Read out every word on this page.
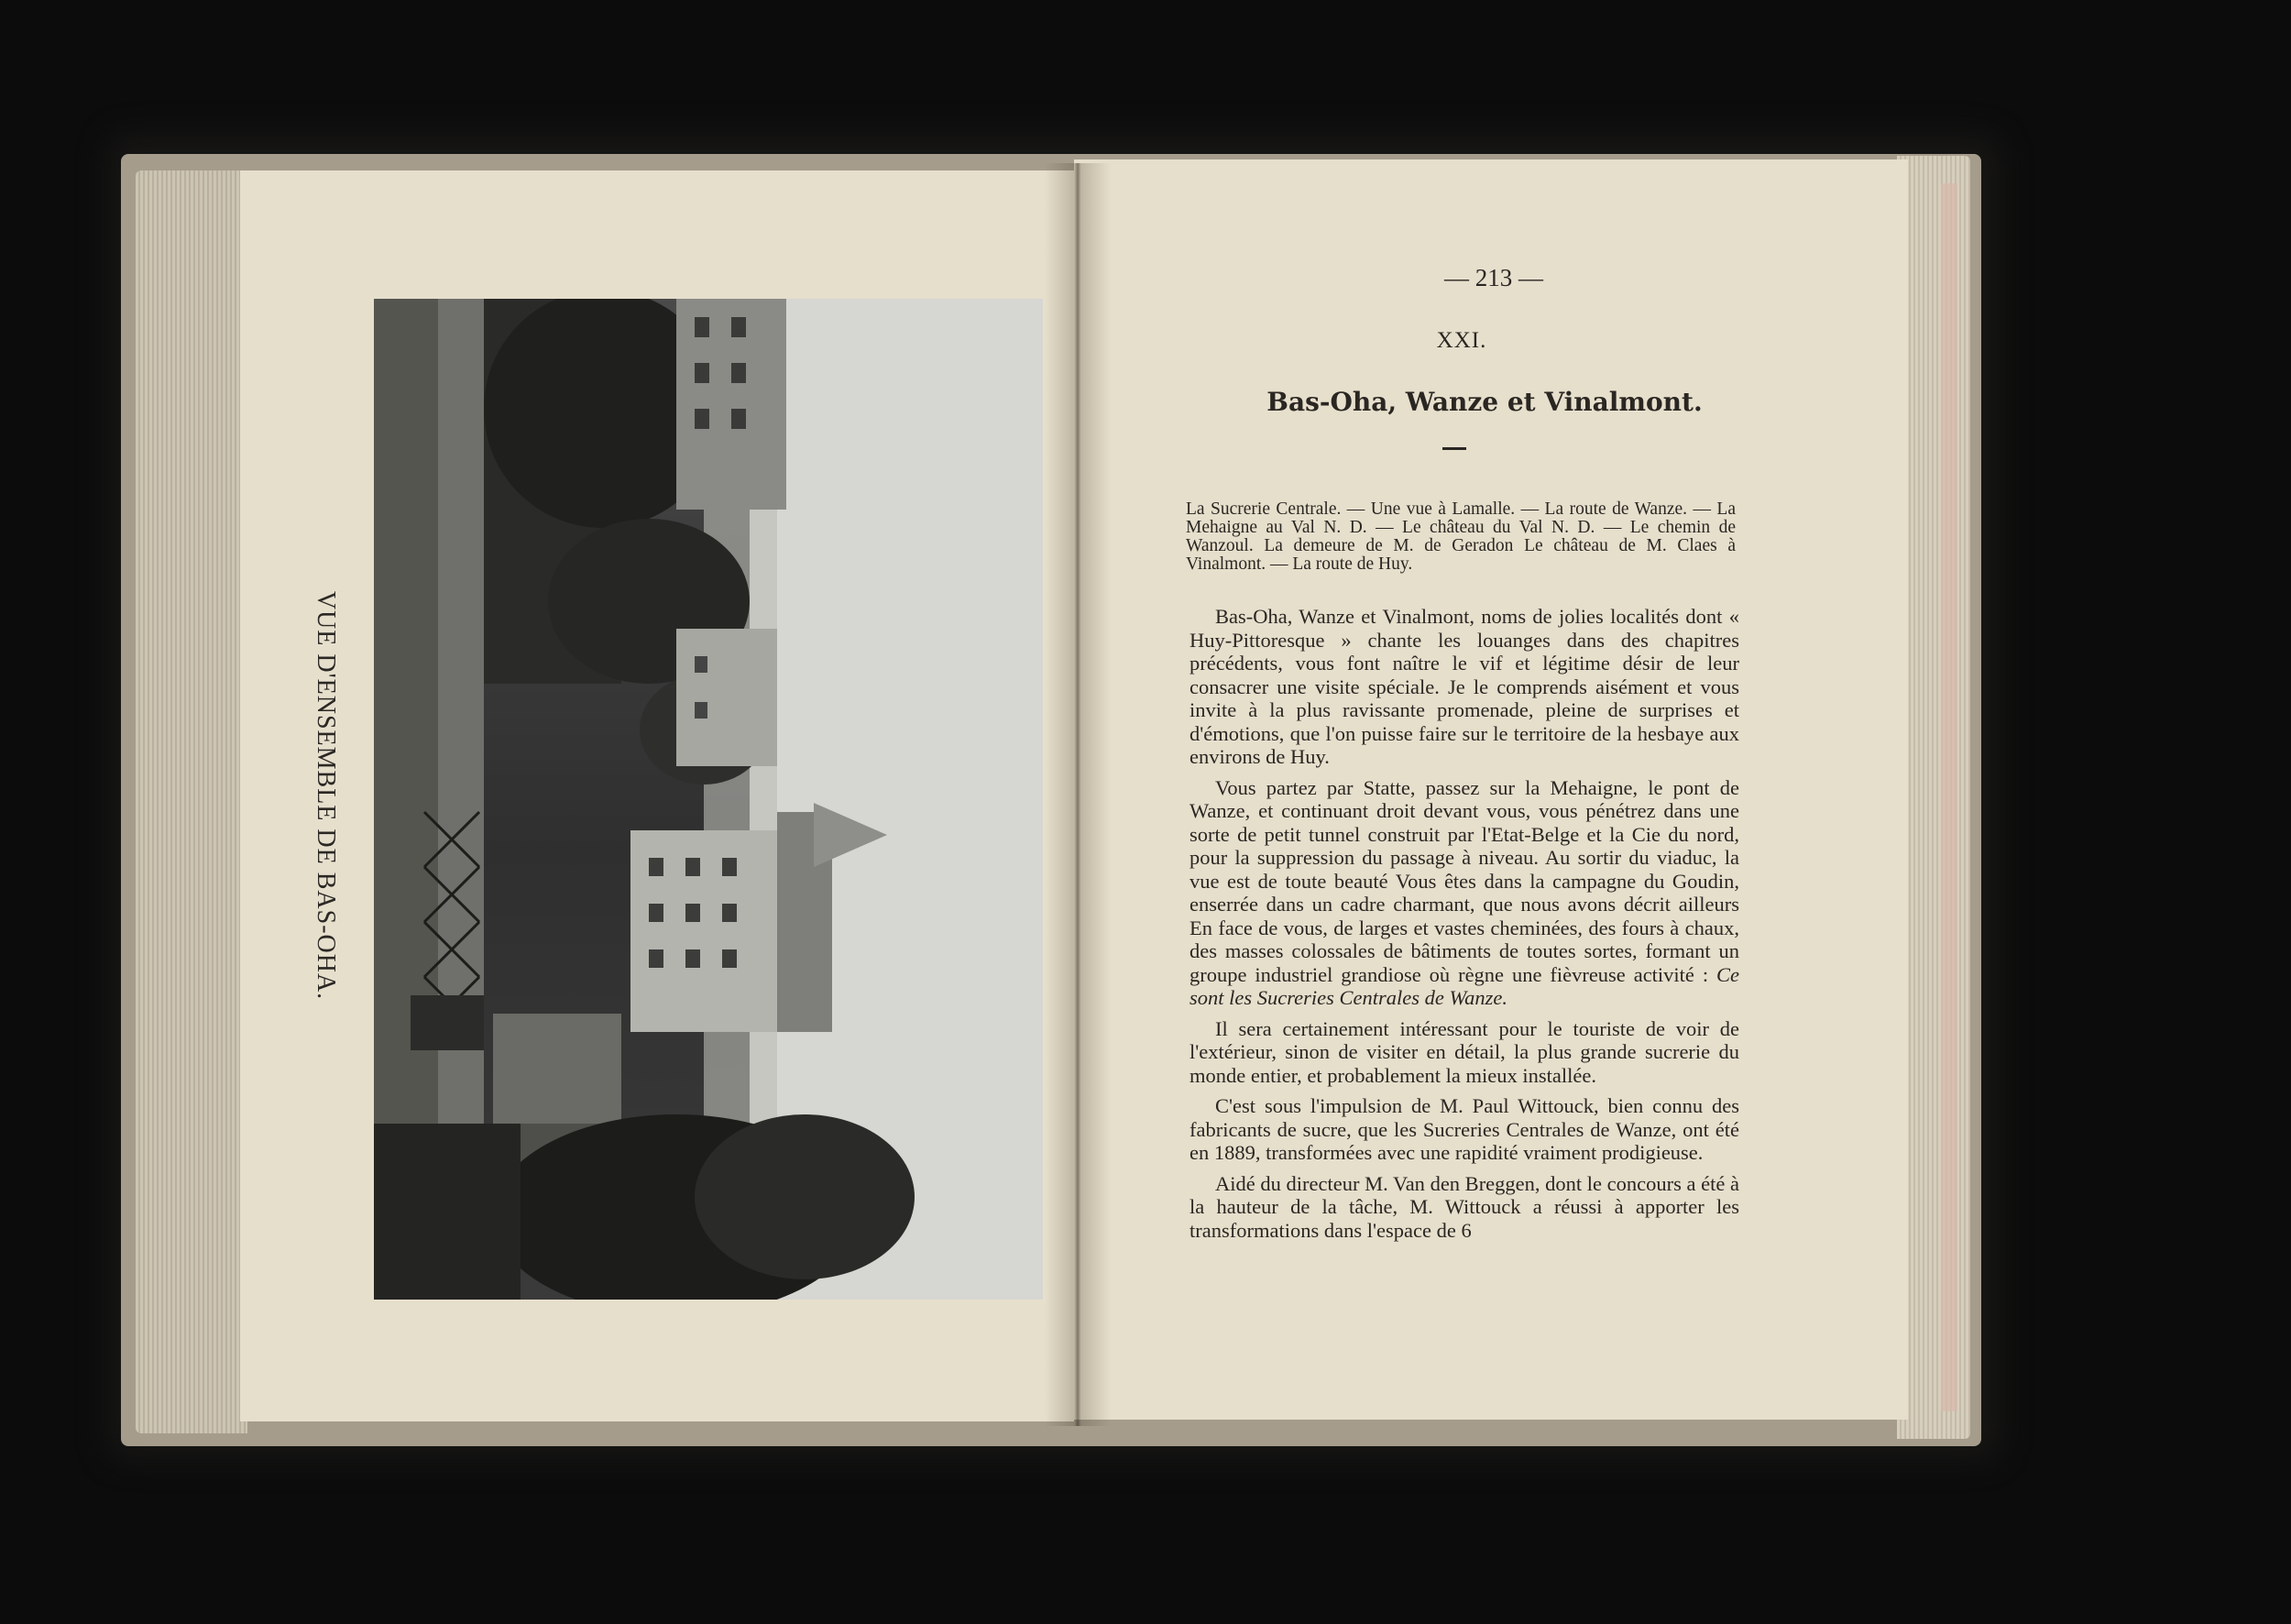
VUE D'ENSEMBLE DE BAS-OHA.
— 213 —
XXI.
Bas-Oha, Wanze et Vinalmont.
La Sucrerie Centrale. — Une vue à Lamalle. — La route de Wanze. — La Mehaigne au Val N. D. — Le château du Val N. D. — Le chemin de Wanzoul. La demeure de M. de Geradon Le château de M. Claes à Vinalmont. — La route de Huy.

Bas-Oha, Wanze et Vinalmont, noms de jolies localités dont « Huy-Pittoresque » chante les louanges dans des chapitres précédents, vous font naître le vif et légitime désir de leur consacrer une visite spéciale. Je le comprends aisément et vous invite à la plus ravissante promenade, pleine de surprises et d'émotions, que l'on puisse faire sur le territoire de la hesbaye aux environs de Huy.

Vous partez par Statte, passez sur la Mehaigne, le pont de Wanze, et continuant droit devant vous, vous pénétrez dans une sorte de petit tunnel construit par l'Etat-Belge et la Cie du nord, pour la suppression du passage à niveau. Au sortir du viaduc, la vue est de toute beauté Vous êtes dans la campagne du Goudin, enserrée dans un cadre charmant, que nous avons décrit ailleurs En face de vous, de larges et vastes cheminées, des fours à chaux, des masses colossales de bâtiments de toutes sortes, formant un groupe industriel grandiose où règne une fièvreuse activité : Ce sont les Sucreries Centrales de Wanze.

Il sera certainement intéressant pour le touriste de voir de l'extérieur, sinon de visiter en détail, la plus grande sucrerie du monde entier, et probablement la mieux installée.

C'est sous l'impulsion de M. Paul Wittouck, bien connu des fabricants de sucre, que les Sucreries Centrales de Wanze, ont été en 1889, transformées avec une rapidité vraiment prodigieuse.

Aidé du directeur M. Van den Breggen, dont le concours a été à la hauteur de la tâche, M. Wittouck a réussi à apporter les transformations dans l'espace de 6
